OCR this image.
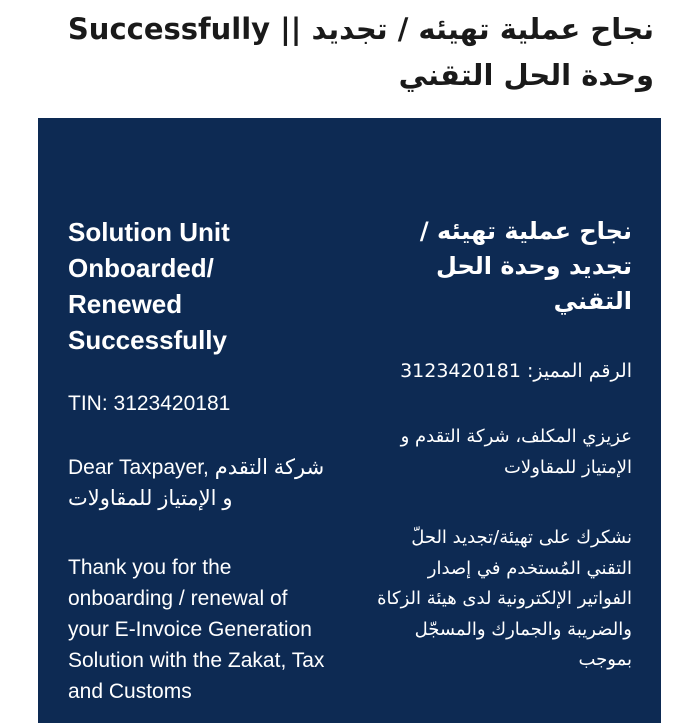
نجاح عملية تهيئه / تجديد || Successfully وحدة الحل التقني

Solution Unit Onboarded/ Renewed Successfully

TIN: 3123420181

Dear Taxpayer, شركة التقدم و الإمتياز للمقاولات

Thank you for the onboarding / renewal of your E-Invoice Generation Solution with the Zakat, Tax and Customs

نجاح عملية تهيئه / تجديد وحدة الحل التقني

الرقم المميز: 3123420181

عزيزي المكلف، شركة التقدم و الإمتياز للمقاولات

نشكرك على تهيئة/تجديد الحلّ التقني المُستخدم في إصدار الفواتير الإلكترونية لدى هيئة الزكاة والضريبة والجمارك والمسجّل بموجب
